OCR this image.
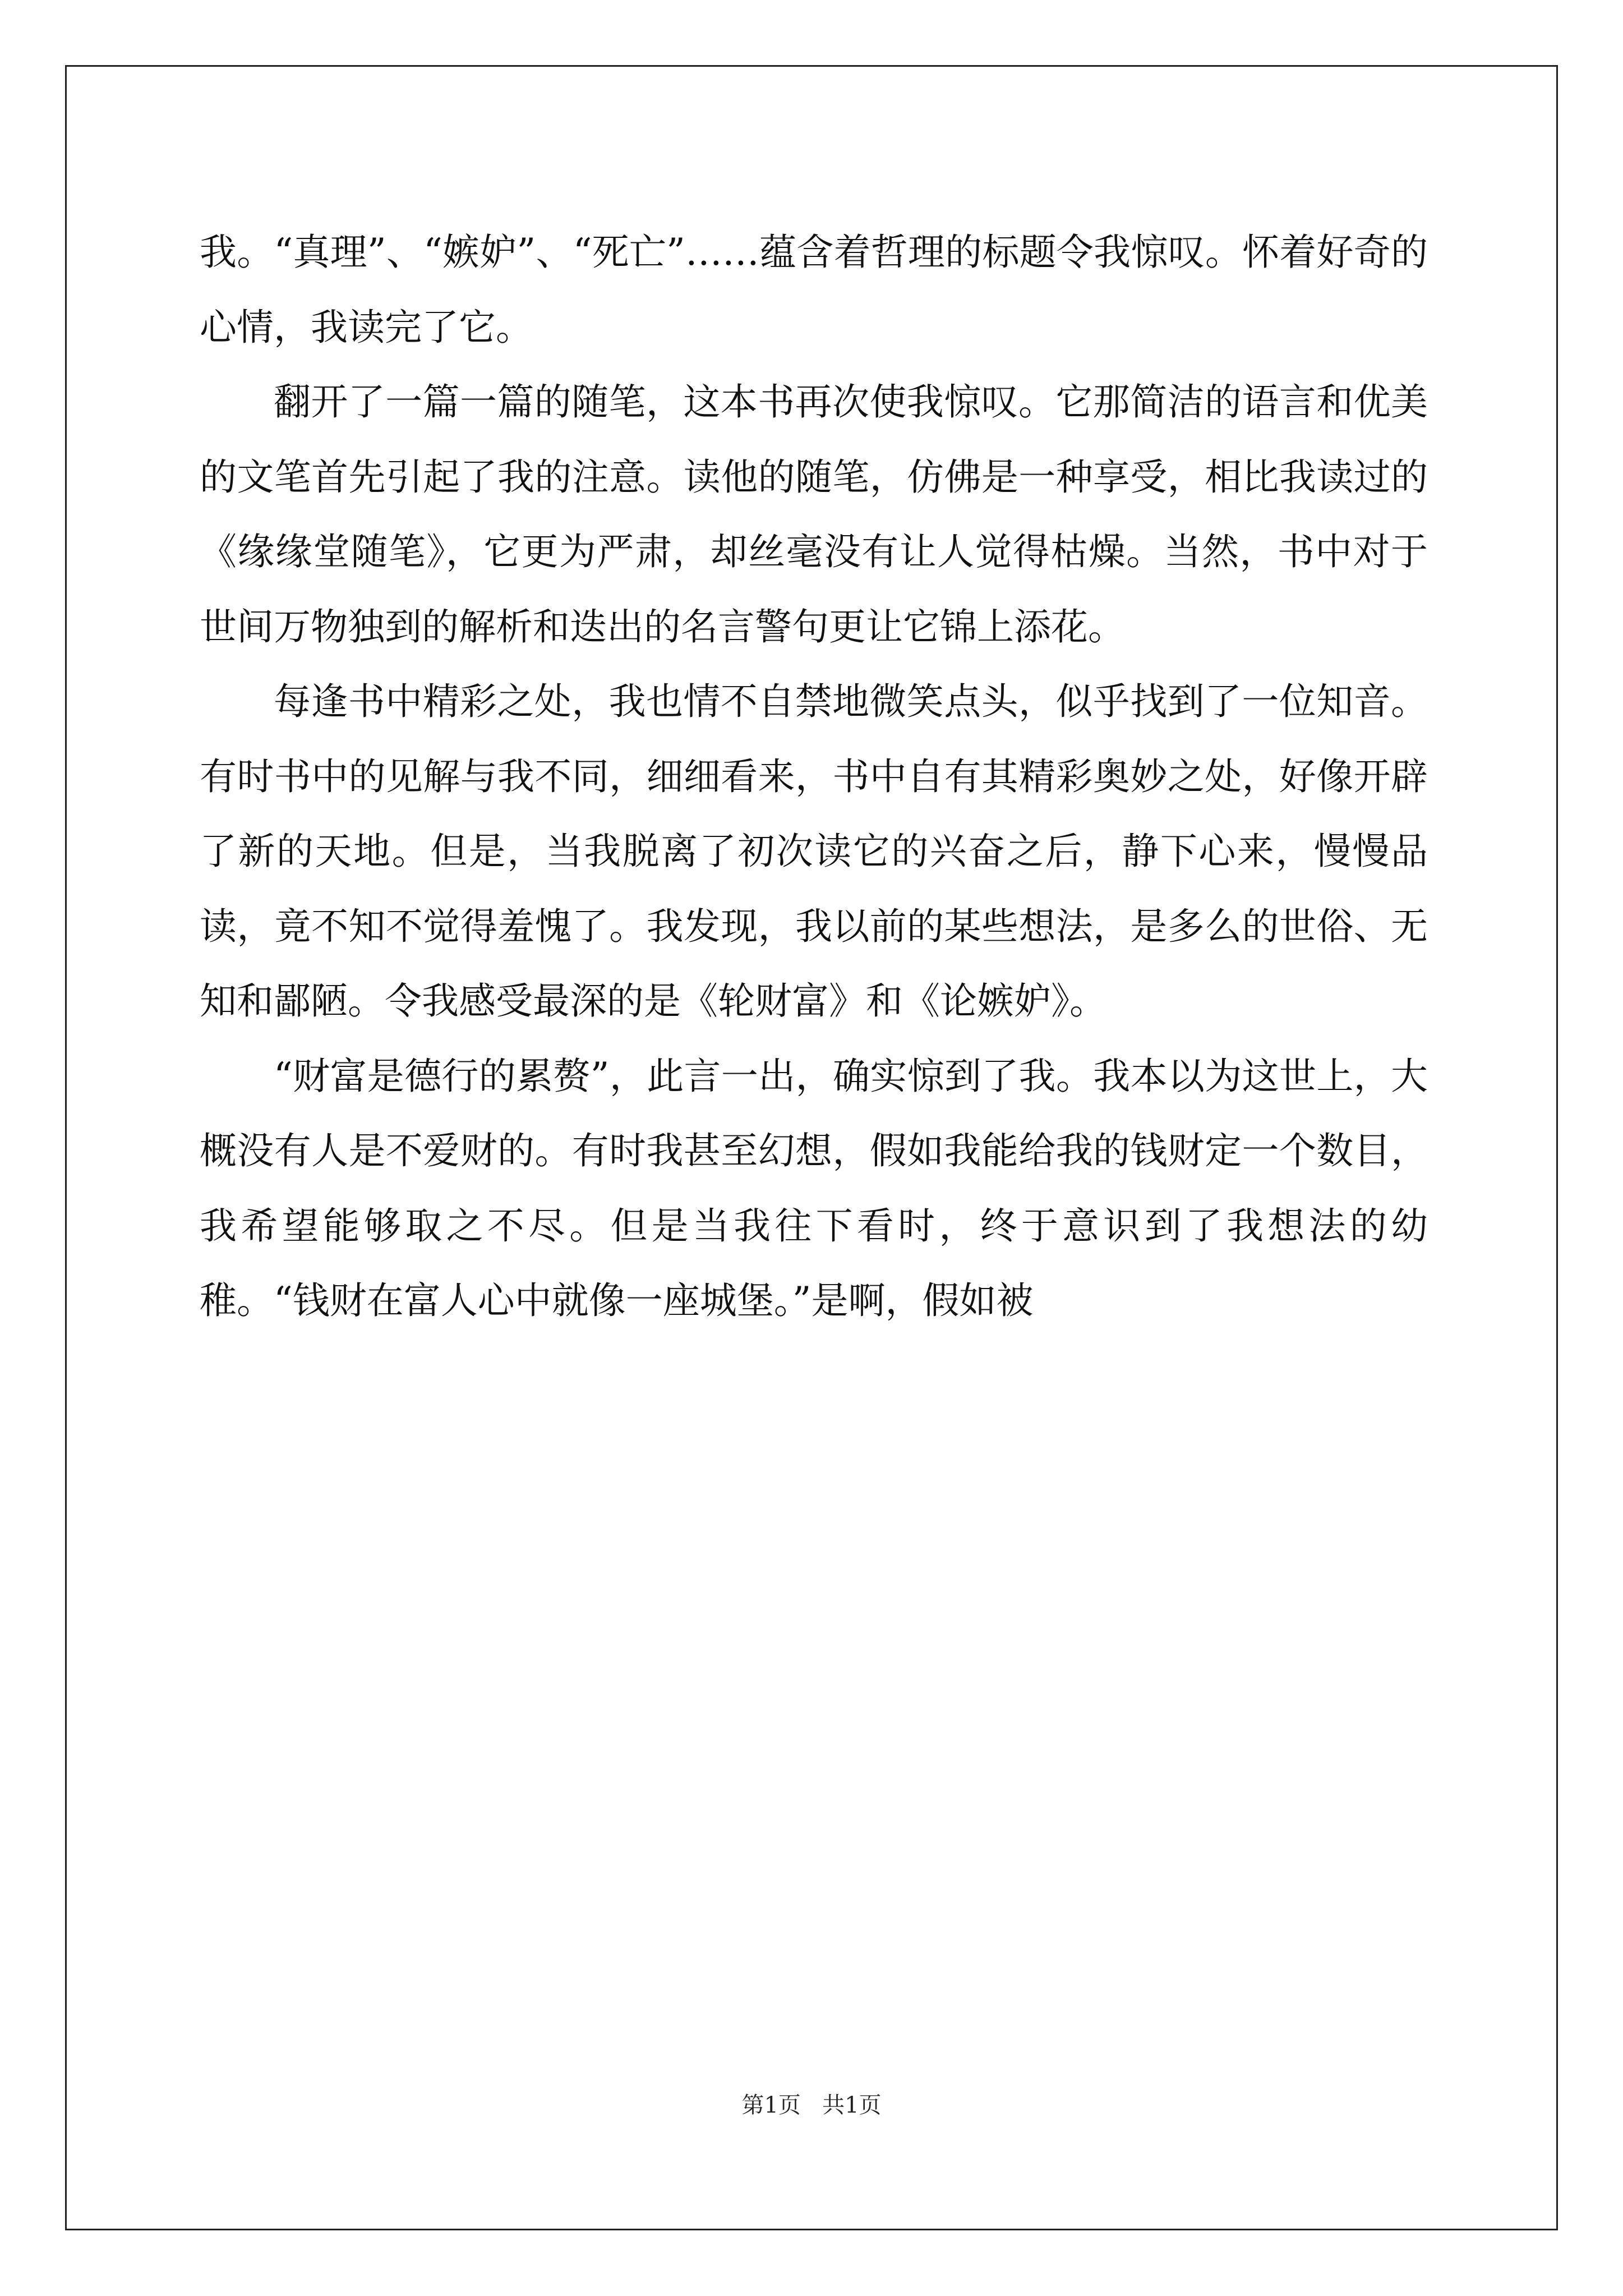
我。“真理”、“嫉妒”、“死亡”……蕴含着哲理的标题令我惊叹。怀着好奇的心情，我读完了它。

翻开了一篇一篇的随笔，这本书再次使我惊叹。它那简洁的语言和优美的文笔首先引起了我的注意。读他的随笔，仿佛是一种享受，相比我读过的《缘缘堂随笔》，它更为严肃，却丝毫没有让人觉得枯燥。当然，书中对于世间万物独到的解析和迭出的名言警句更让它锦上添花。

每逢书中精彩之处，我也情不自禁地微笑点头，似乎找到了一位知音。有时书中的见解与我不同，细细看来，书中自有其精彩奥妙之处，好像开辟了新的天地。但是，当我脱离了初次读它的兴奋之后，静下心来，慢慢品读，竟不知不觉得羞愧了。我发现，我以前的某些想法，是多么的世俗、无知和鄙陋。令我感受最深的是《轮财富》和《论嫉妒》。

“财富是德行的累赘”，此言一出，确实惊到了我。我本以为这世上，大概没有人是不爱财的。有时我甚至幻想，假如我能给我的钱财定一个数目，我希望能够取之不尽。但是当我往下看时，终于意识到了我想法的幼稚。“钱财在富人心中就像一座城堡。”是啊，假如被

第1页 共1页
